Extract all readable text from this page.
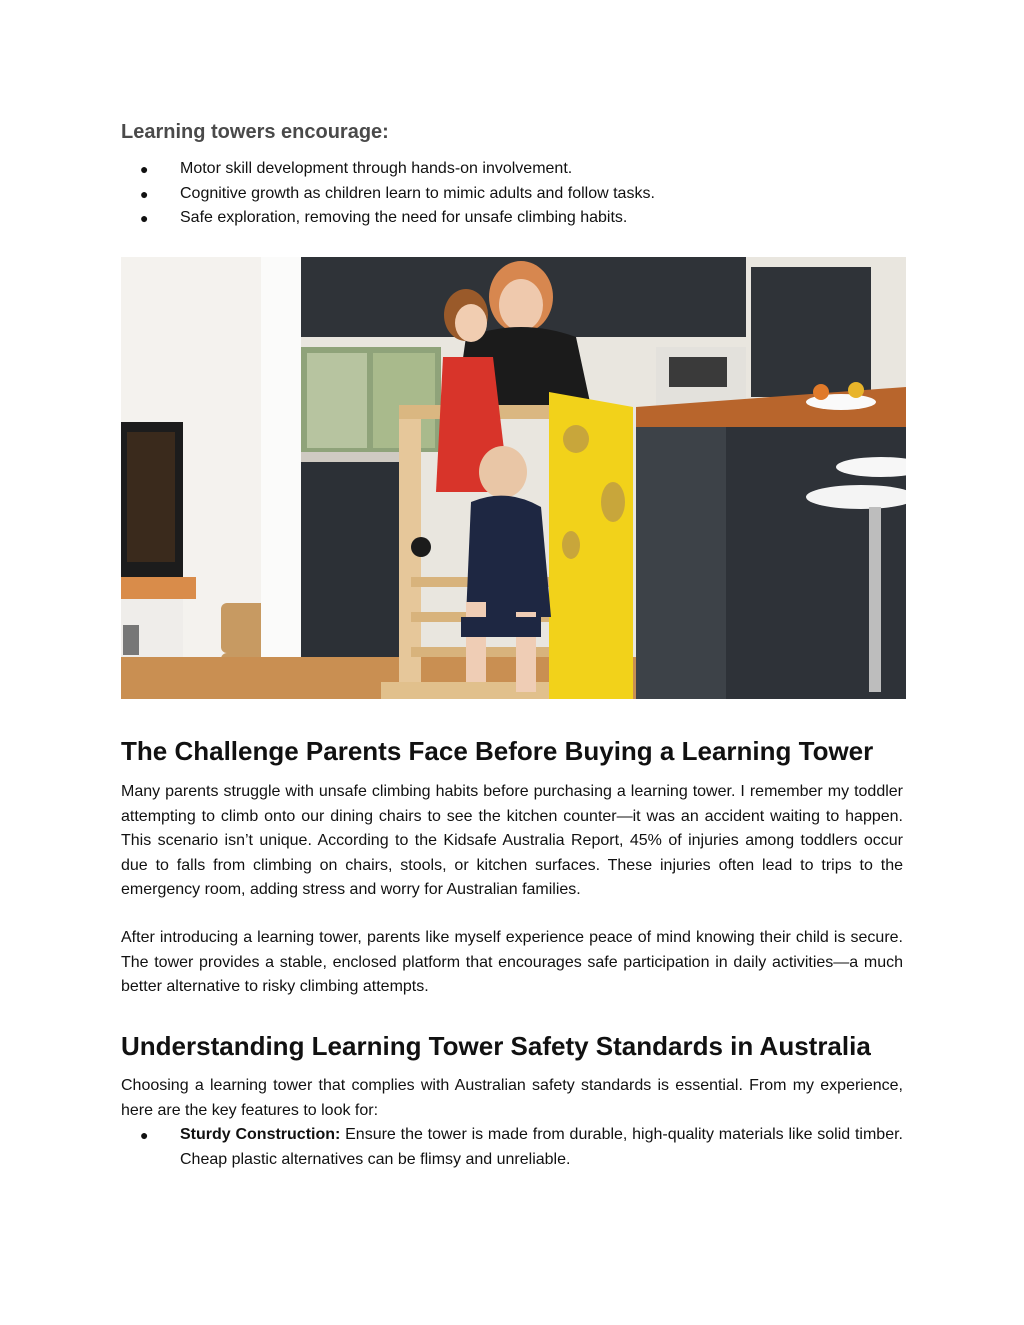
Learning towers encourage:
● Motor skill development through hands-on involvement.
● Cognitive growth as children learn to mimic adults and follow tasks.
● Safe exploration, removing the need for unsafe climbing habits.
The Challenge Parents Face Before Buying a Learning Tower

Many parents struggle with unsafe climbing habits before purchasing a learning tower. I remember my toddler attempting to climb onto our dining chairs to see the kitchen counter—it was an accident waiting to happen. This scenario isn’t unique. According to the Kidsafe Australia Report, 45% of injuries among toddlers occur due to falls from climbing on chairs, stools, or kitchen surfaces. These injuries often lead to trips to the emergency room, adding stress and worry for Australian families.

After introducing a learning tower, parents like myself experience peace of mind knowing their child is secure. The tower provides a stable, enclosed platform that encourages safe participation in daily activities—a much better alternative to risky climbing attempts.

Understanding Learning Tower Safety Standards in Australia

Choosing a learning tower that complies with Australian safety standards is essential. From my experience, here are the key features to look for:

● Sturdy Construction: Ensure the tower is made from durable, high-quality materials like solid timber. Cheap plastic alternatives can be flimsy and unreliable.
